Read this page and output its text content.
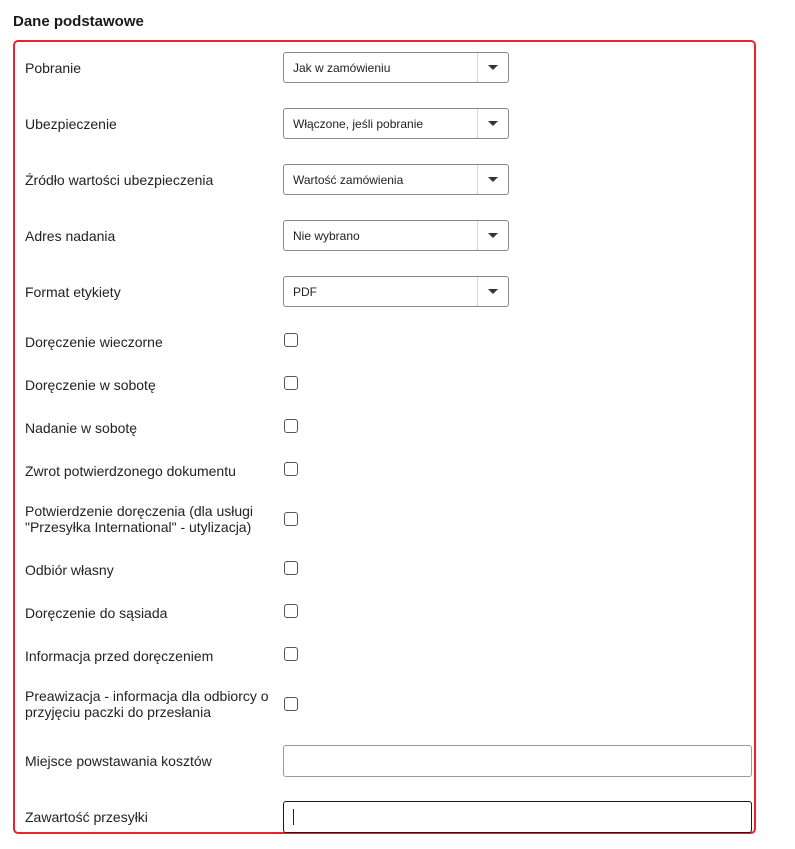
Dane podstawowe
Pobranie	Jak w zamówieniu
Ubezpieczenie	Włączone, jeśli pobranie
Źródło wartości ubezpieczenia	Wartość zamówienia
Adres nadania	Nie wybrano
Format etykiety	PDF
Doręczenie wieczorne
Doręczenie w sobotę
Nadanie w sobotę
Zwrot potwierdzonego dokumentu
Potwierdzenie doręczenia (dla usługi "Przesyłka International" - utylizacja)
Odbiór własny
Doręczenie do sąsiada
Informacja przed doręczeniem
Preawizacja - informacja dla odbiorcy o przyjęciu paczki do przesłania
Miejsce powstawania kosztów
Zawartość przesyłki
